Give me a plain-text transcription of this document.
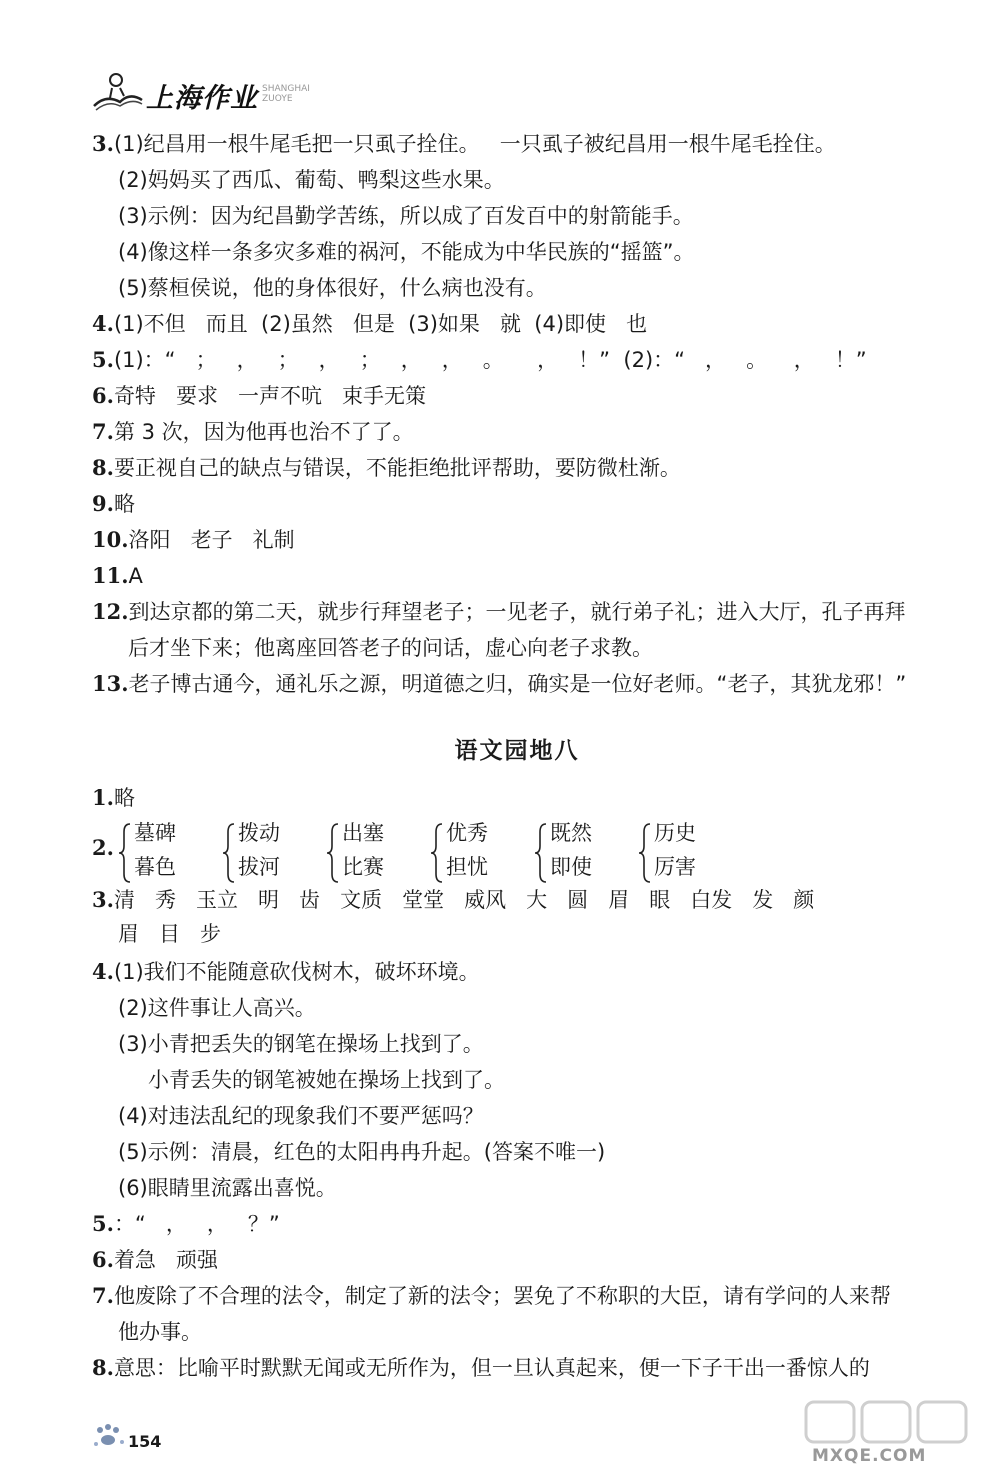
上海作业 SHANGHAI
ZUOYE
3.(1)纪昌用一根牛尾毛把一只虱子拴住。   一只虱子被纪昌用一根牛尾毛拴住。
(2)妈妈买了西瓜、葡萄、鸭梨这些水果。
(3)示例：因为纪昌勤学苦练，所以成了百发百中的射箭能手。
(4)像这样一条多灾多难的祸河，不能成为中华民族的“摇篮”。
(5)蔡桓侯说，他的身体很好，什么病也没有。
4.(1)不但   而且  (2)虽然   但是  (3)如果   就  (4)即使   也
5.(1)：“   ；   ，   ；   ，   ；   ，   ，   。     ，   ！”  (2)：“   ，   。    ，   ！”
6.奇特   要求   一声不吭   束手无策
7.第 3 次，因为他再也治不了了。
8.要正视自己的缺点与错误，不能拒绝批评帮助，要防微杜渐。
9.略
10.洛阳   老子   礼制
11.A
12.到达京都的第二天，就步行拜望老子；一见老子，就行弟子礼；进入大厅，孔子再拜
后才坐下来；他离座回答老子的问话，虚心向老子求教。
13.老子博古通今，通礼乐之源，明道德之归，确实是一位好老师。“老子，其犹龙邪！”
语文园地八
1.略
2.
墓碑
暮色
拨动
拔河
出塞
比赛
优秀
担忧
既然
即使
历史
厉害
3.清   秀   玉立   明   齿   文质   堂堂   威风   大   圆   眉   眼   白发   发   颜
眉   目   步
4.(1)我们不能随意砍伐树木，破坏环境。
(2)这件事让人高兴。
(3)小青把丢失的钢笔在操场上找到了。
小青丢失的钢笔被她在操场上找到了。
(4)对违法乱纪的现象我们不要严惩吗？
(5)示例：清晨，红色的太阳冉冉升起。(答案不唯一)
(6)眼睛里流露出喜悦。
5.：“   ，   ，   ？”
6.着急   顽强
7.他废除了不合理的法令，制定了新的法令；罢免了不称职的大臣，请有学问的人来帮
他办事。
8.意思：比喻平时默默无闻或无所作为，但一旦认真起来，便一下子干出一番惊人的
154
MXQE.COM
